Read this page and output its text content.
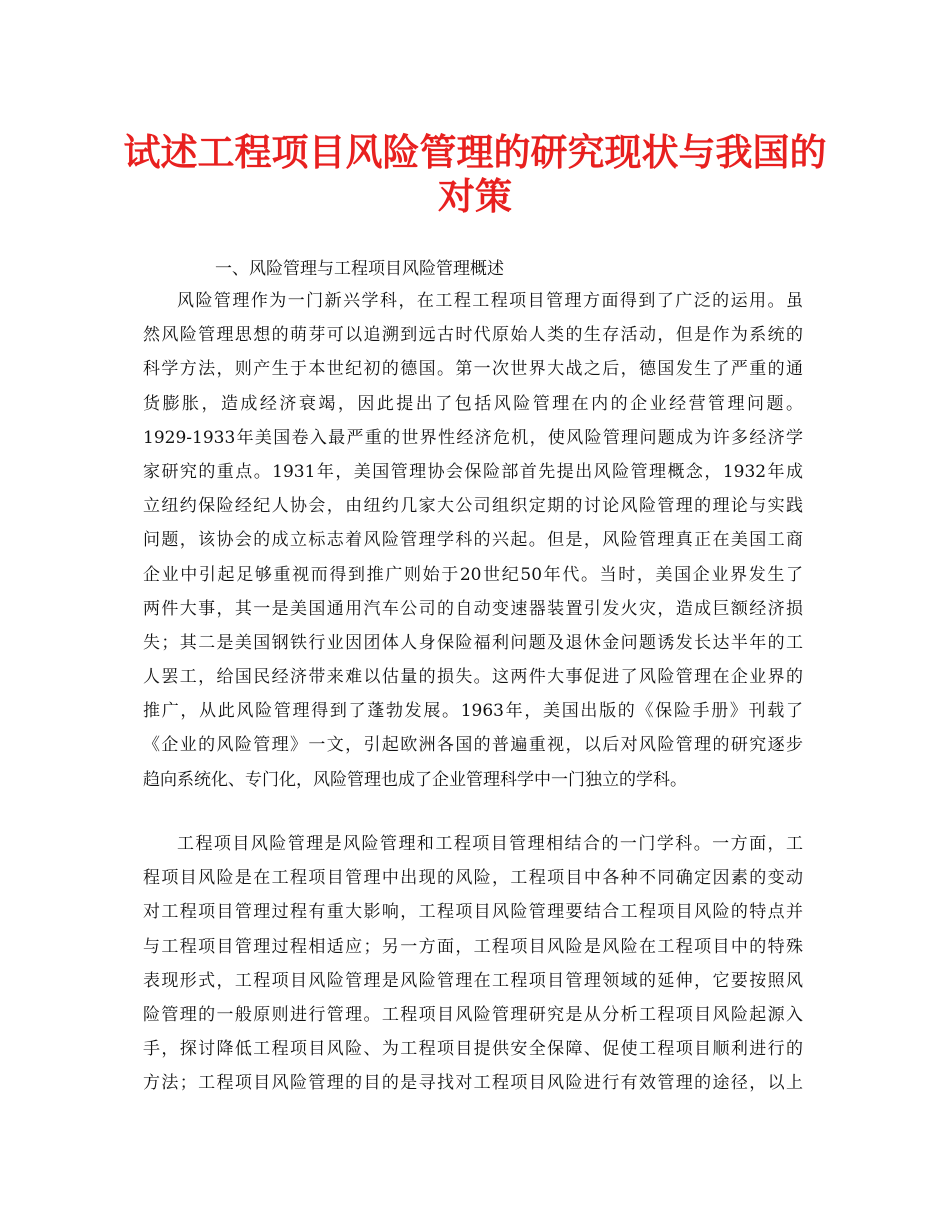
试述工程项目风险管理的研究现状与我国的
对策

一、风险管理与工程项目风险管理概述

风险管理作为一门新兴学科，在工程工程项目管理方面得到了广泛的运用。虽
然风险管理思想的萌芽可以追溯到远古时代原始人类的生存活动，但是作为系统的
科学方法，则产生于本世纪初的德国。第一次世界大战之后，德国发生了严重的通
货膨胀，造成经济衰竭，因此提出了包括风险管理在内的企业经营管理问题。
1929-1933年美国卷入最严重的世界性经济危机，使风险管理问题成为许多经济学
家研究的重点。1931年，美国管理协会保险部首先提出风险管理概念，1932年成
立纽约保险经纪人协会，由纽约几家大公司组织定期的讨论风险管理的理论与实践
问题，该协会的成立标志着风险管理学科的兴起。但是，风险管理真正在美国工商
企业中引起足够重视而得到推广则始于20世纪50年代。当时，美国企业界发生了
两件大事，其一是美国通用汽车公司的自动变速器装置引发火灾，造成巨额经济损
失；其二是美国钢铁行业因团体人身保险福利问题及退休金问题诱发长达半年的工
人罢工，给国民经济带来难以估量的损失。这两件大事促进了风险管理在企业界的
推广，从此风险管理得到了蓬勃发展。1963年，美国出版的《保险手册》刊载了
《企业的风险管理》一文，引起欧洲各国的普遍重视，以后对风险管理的研究逐步
趋向系统化、专门化，风险管理也成了企业管理科学中一门独立的学科。
工程项目风险管理是风险管理和工程项目管理相结合的一门学科。一方面，工
程项目风险是在工程项目管理中出现的风险，工程项目中各种不同确定因素的变动
对工程项目管理过程有重大影响，工程项目风险管理要结合工程项目风险的特点并
与工程项目管理过程相适应；另一方面，工程项目风险是风险在工程项目中的特殊
表现形式，工程项目风险管理是风险管理在工程项目管理领域的延伸，它要按照风
险管理的一般原则进行管理。工程项目风险管理研究是从分析工程项目风险起源入
手，探讨降低工程项目风险、为工程项目提供安全保障、促使工程项目顺利进行的
方法；工程项目风险管理的目的是寻找对工程项目风险进行有效管理的途径，以上
